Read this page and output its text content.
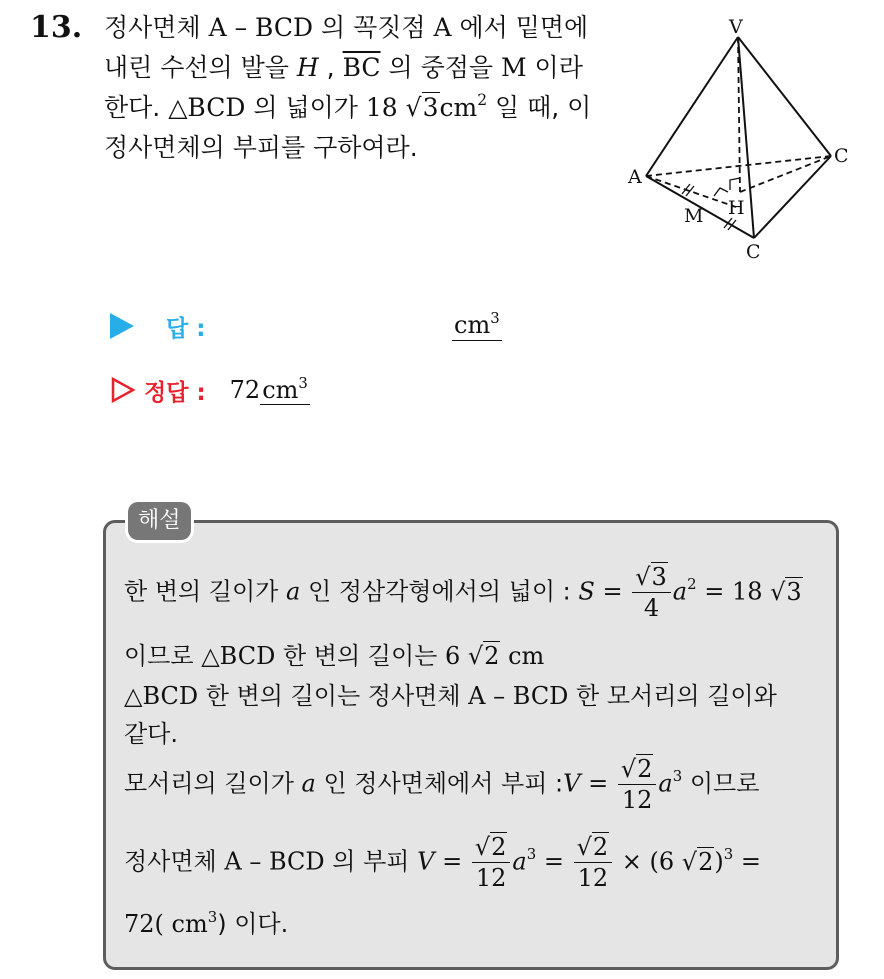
13. 정사면체 A – BCD 의 꼭짓점 A 에서 밑면에
내린 수선의 발을 H , $\overline{BC}$ 의 중점을 M 이라
한다. △BCD 의 넓이가 18 $√3cm^2$ 일 때, 이
정사면체의 부피를 구하여라.
V
A
C
C
M H
답 :	$cm^3$
정답 : $72cm^3$
해설
한 변의 길이가 a 인 정삼각형에서의 넓이 : $S = \frac{√3}{4} a^2 = 18$ √3
이므로 △BCD 한 변의 길이는 6 √2 cm
△BCD 한 변의 길이는 정사면체 A – BCD 한 모서리의 길이와
같다.
모서리의 길이가 a 인 정사면체에서 부피 :V = $\frac{√2}{12} a^3$ 이므로
정사면체 A – BCD 의 부피 $V = \frac{√2}{12} a^3 = \frac{√2}{12} \times (6$ √2)$^3$ =
72( $cm^3$) 이다.
